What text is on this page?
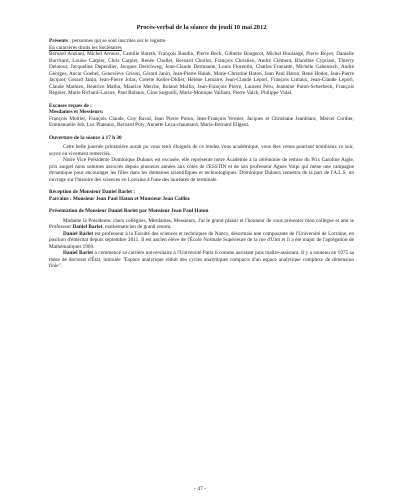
Procès-verbal de la séance du jeudi 10 mai 2012

Présents : personnes qui se sont inscrites sur le registre

En caractères droits les Sociétaires

Bernard Anziani, Michel Arnoux, Camille Bareth, François Baudin, Pierre Beck, Gilberte Bougerot, Michel Boulangé, Pierre Boyer, Danielle Burckard, Louise Carpier, Chris Carpier, Renée Chollet, Bernard Chollot, François Christien, André Clément, Blandine Cypriani, Thierry Delatour, Jacqueline Dependier, Jacques Derichweg, Jean-Claude Dermaune, Louis Florentin, Charles Franiatte, Michèle Gabenisch, André Georges, Ancar Goebel, Geneviève Grison, Gérard Janin, Jean-Pierre Haluk, Marie-Christine Haton, Jean Paul Haton, René Hodot, Jean-Pierre Jacquot, Gérard Janin, Jean-Pierre Jolas, Colette Keller-Didier, Hélène Lemaire, Jean-Claude Lepori, François Limaux, Jean-Claude Lepori, Claude Mathieu, Béatrice Mathu, Maurice Metche, Roland Mollin, Jean-François Pierre, Laurent Péru, Jeannine Puton-Scherbeck, François Regnier, Marie Richard-Lacure, Paul Robaux, Gino Sognolli, Marie-Monique Vaillant, Pierre Valck, Philippe Vidal.

Excuses reçues de :

Mesdames et Messieurs:

François Mottier, François Claude, Guy Raval, Jean Pierre Puton, Jean-François Vernier, Jacques et Christiane Jeanblanc, Marcel Cordier, Emmanuelle Job, Luc Plateaux, Bernard Poty, Annette Lexa-chaumard, Marie-Bernard Ellgent.

Ouverture de la séance à 17 h 30

Cette belle journée printanière aurait pu vous tenir éloignés de ce rendez vous académique, vous êtes venus pourtant nombreux ce soir, soyez en vivement remerciés.

Notre Vice Présidente Dominique Dubaux est excusée, elle représente notre Académie à la cérémonie de remise du Prix Caroline Aigle, prix auquel nous sommes associés depuis plusieurs années aux côtés de l'ESSTIN et de son professeur Agnès Volpi qui mène une campagne dynamique pour encourager les filles dans les domaines scientifiques et technologiques. Dominique Dubaux remettra de la part de l'A.L.S. un ouvrage sur l'histoire des sciences en Lorraine à l'une des lauréates de terminale.

Réception de Monsieur Daniel Barlet :

Parrains : Monsieur Jean Paul Haton et Monsieur Jean Caillez

Présentation de Monsieur Daniel Barlet par Monsieur Jean Paul Haton

Madame la Présidente, chers collègues, Mesdames, Messieurs, J'ai le grand plaisir et l'honneur de vous présenter mon collègue et ami le Professeur Daniel Barlet, mathématicien de grand renom.

Daniel Barlet est professeur à la Faculté des sciences et techniques de Nancy, désormais une composante de l'Université de Lorraine, en position d'éméritat depuis septembre 2011. Il est ancien élève de l'École Normale Supérieure de la rue d'Ulm et il a été major de l'agrégation de Mathématiques 1969.

Daniel Barlet a commencé sa carrière universitaire à l'Université Paris 6 comme assistant puis maître-assistant. Il y a soutenu en 1975 sa thèse de doctorat d'État, intitulée "Espace analytique réduit des cycles analytiques compacts d'un espace analytique complexe de dimension finie".

- 47 -
